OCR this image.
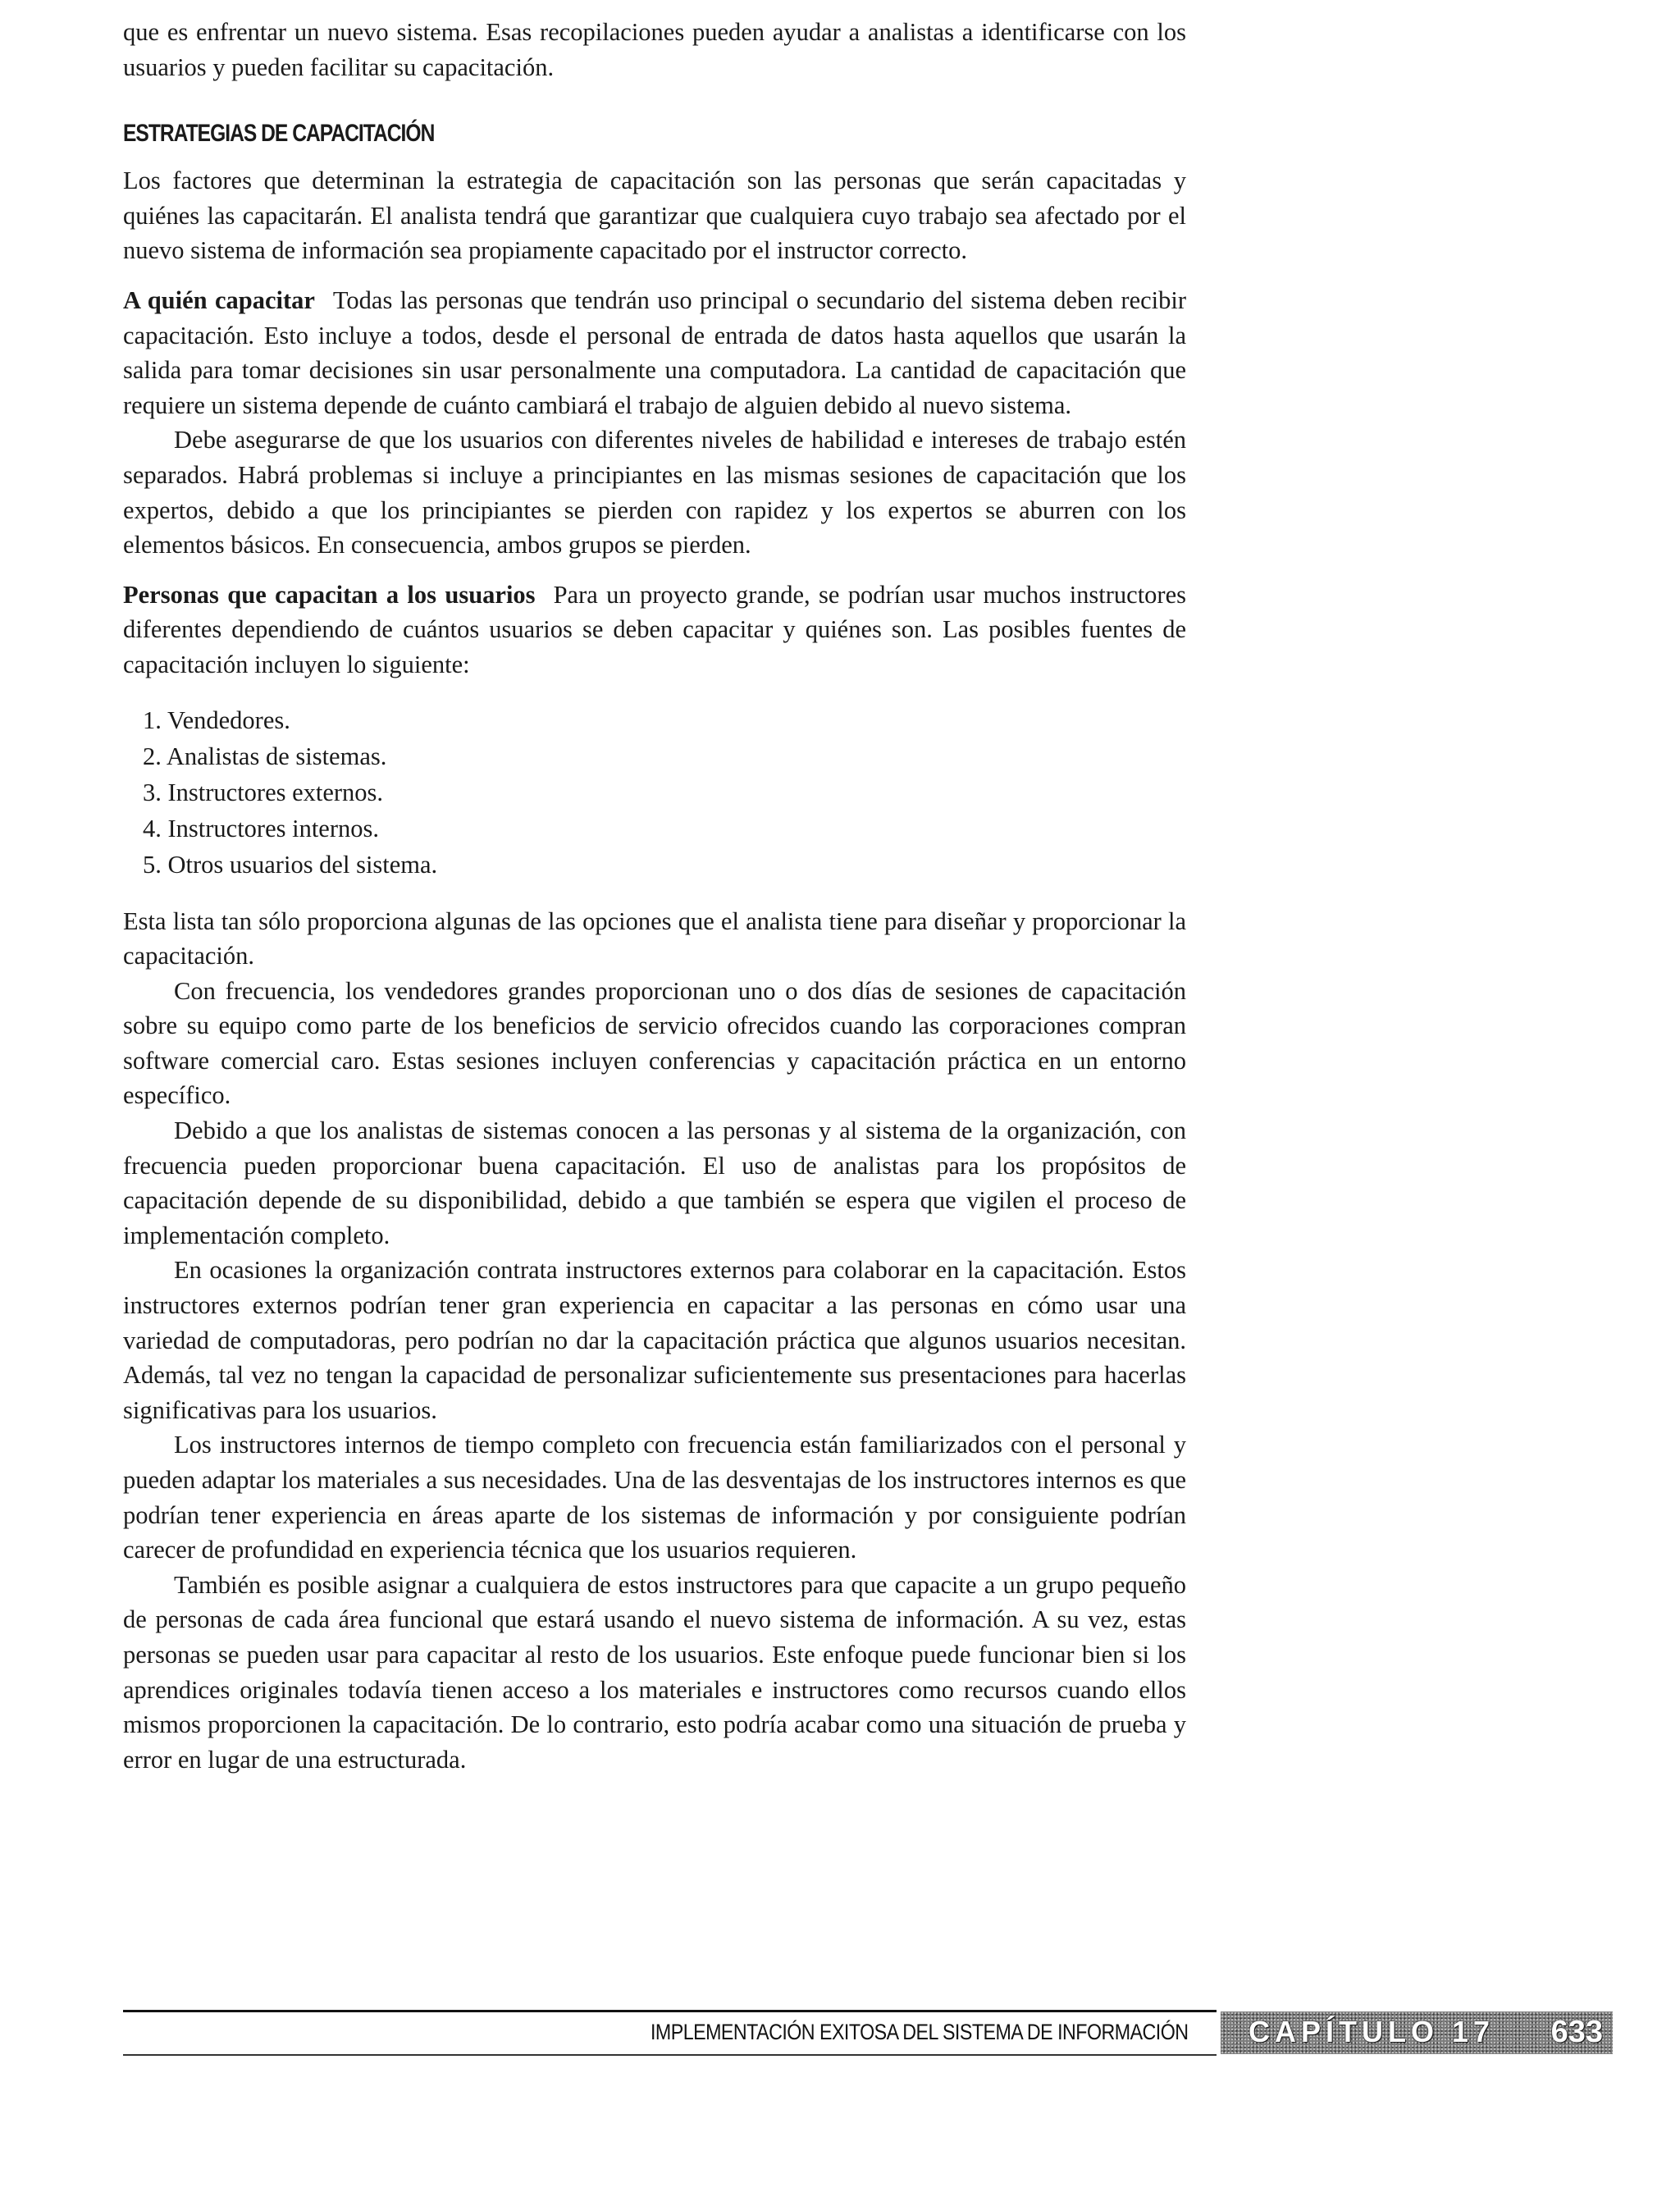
que es enfrentar un nuevo sistema. Esas recopilaciones pueden ayudar a analistas a identificarse con los usuarios y pueden facilitar su capacitación.

ESTRATEGIAS DE CAPACITACIÓN

Los factores que determinan la estrategia de capacitación son las personas que serán capacitadas y quiénes las capacitarán. El analista tendrá que garantizar que cualquiera cuyo trabajo sea afectado por el nuevo sistema de información sea propiamente capacitado por el instructor correcto.

A quién capacitar Todas las personas que tendrán uso principal o secundario del sistema deben recibir capacitación. Esto incluye a todos, desde el personal de entrada de datos hasta aquellos que usarán la salida para tomar decisiones sin usar personalmente una computadora. La cantidad de capacitación que requiere un sistema depende de cuánto cambiará el trabajo de alguien debido al nuevo sistema.

Debe asegurarse de que los usuarios con diferentes niveles de habilidad e intereses de trabajo estén separados. Habrá problemas si incluye a principiantes en las mismas sesiones de capacitación que los expertos, debido a que los principiantes se pierden con rapidez y los expertos se aburren con los elementos básicos. En consecuencia, ambos grupos se pierden.

Personas que capacitan a los usuarios Para un proyecto grande, se podrían usar muchos instructores diferentes dependiendo de cuántos usuarios se deben capacitar y quiénes son. Las posibles fuentes de capacitación incluyen lo siguiente:

1. Vendedores.
2. Analistas de sistemas.
3. Instructores externos.
4. Instructores internos.
5. Otros usuarios del sistema.

Esta lista tan sólo proporciona algunas de las opciones que el analista tiene para diseñar y proporcionar la capacitación.

Con frecuencia, los vendedores grandes proporcionan uno o dos días de sesiones de capacitación sobre su equipo como parte de los beneficios de servicio ofrecidos cuando las corporaciones compran software comercial caro. Estas sesiones incluyen conferencias y capacitación práctica en un entorno específico.

Debido a que los analistas de sistemas conocen a las personas y al sistema de la organización, con frecuencia pueden proporcionar buena capacitación. El uso de analistas para los propósitos de capacitación depende de su disponibilidad, debido a que también se espera que vigilen el proceso de implementación completo.

En ocasiones la organización contrata instructores externos para colaborar en la capacitación. Estos instructores externos podrían tener gran experiencia en capacitar a las personas en cómo usar una variedad de computadoras, pero podrían no dar la capacitación práctica que algunos usuarios necesitan. Además, tal vez no tengan la capacidad de personalizar suficientemente sus presentaciones para hacerlas significativas para los usuarios.

Los instructores internos de tiempo completo con frecuencia están familiarizados con el personal y pueden adaptar los materiales a sus necesidades. Una de las desventajas de los instructores internos es que podrían tener experiencia en áreas aparte de los sistemas de información y por consiguiente podrían carecer de profundidad en experiencia técnica que los usuarios requieren.

También es posible asignar a cualquiera de estos instructores para que capacite a un grupo pequeño de personas de cada área funcional que estará usando el nuevo sistema de información. A su vez, estas personas se pueden usar para capacitar al resto de los usuarios. Este enfoque puede funcionar bien si los aprendices originales todavía tienen acceso a los materiales e instructores como recursos cuando ellos mismos proporcionen la capacitación. De lo contrario, esto podría acabar como una situación de prueba y error en lugar de una estructurada.

IMPLEMENTACIÓN EXITOSA DEL SISTEMA DE INFORMACIÓN CAPÍTULO 17 633
